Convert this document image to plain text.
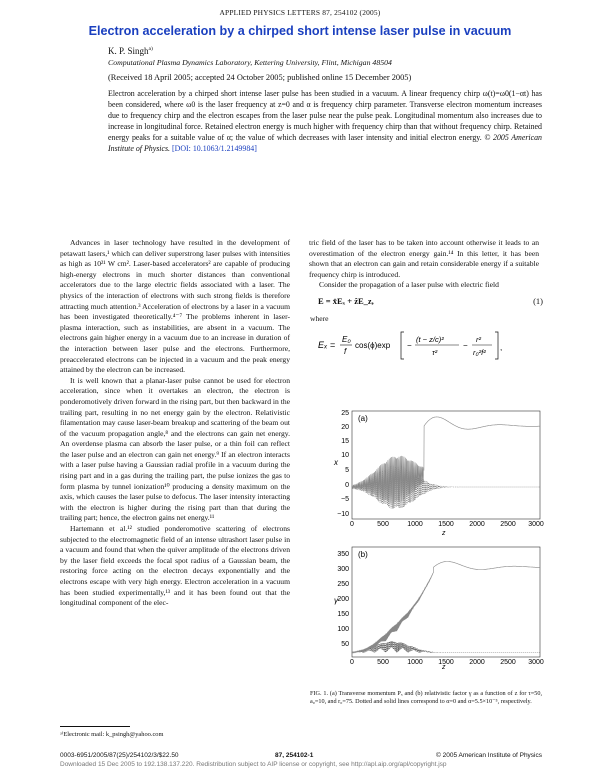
APPLIED PHYSICS LETTERS 87, 254102 (2005)
Electron acceleration by a chirped short intense laser pulse in vacuum
K. P. Singh$^{a)}$
Computational Plasma Dynamics Laboratory, Kettering University, Flint, Michigan 48504
(Received 18 April 2005; accepted 24 October 2005; published online 15 December 2005)

Electron acceleration by a chirped short intense laser pulse has been studied in a vacuum. A linear frequency chirp ω(t)=ω0(1−αt) has been considered, where ω0 is the laser frequency at z=0 and α is frequency chirp parameter. Transverse electron momentum increases due to frequency chirp and the electron escapes from the laser pulse near the pulse peak. Longitudinal momentum also increases due to increase in longitudinal force. Retained electron energy is much higher with frequency chirp than that without frequency chirp. Retained energy peaks for a suitable value of α; the value of which decreases with laser intensity and initial electron energy. © 2005 American Institute of Physics. [DOI: 10.1063/1.2149984]

Advances in laser technology have resulted in the development of petawatt lasers,¹ which can deliver superstrong laser pulses with intensities as high as 10²¹ W cm². Laser-based accelerators² are capable of producing high-energy electrons in much shorter distances than conventional accelerators due to the large electric fields associated with a laser. The physics of the interaction of electrons with such strong fields is therefore attracting much attention.³ Acceleration of electrons by a laser in a vacuum has been investigated theoretically.⁴⁻⁷ The problems inherent in laser-plasma interaction, such as instabilities, are absent in a vacuum. The electrons gain higher energy in a vacuum due to an increase in duration of the interaction between laser pulse and the electrons. Furthermore, preaccelerated electrons can be injected in a vacuum and the peak energy attained by the electron can be increased.

It is well known that a planar-laser pulse cannot be used for electron acceleration, since when it overtakes an electron, the electron is ponderomotively driven forward in the rising part, but then backward in the trailing part, resulting in no net energy gain by the electron. Relativistic filamentation may cause laser-beam breakup and scattering of the beam out of the vacuum propagation angle,⁸ and the electrons can gain net energy. An overdense plasma can absorb the laser pulse, or a thin foil can reflect the laser pulse and an electron can gain net energy.⁹ If an electron interacts with a laser pulse having a Gaussian radial profile in a vacuum during the rising part and in a gas during the trailing part, the pulse ionizes the gas to form plasma by tunnel ionization¹⁰ producing a density maximum on the axis, which causes the laser pulse to defocus. The laser intensity interacting with the electron is higher during the rising part than that during the trailing part; hence, the electron gains net energy.¹¹

Hartemann et al.¹² studied ponderomotive scattering of electrons subjected to the electromagnetic field of an intense ultrashort laser pulse in a vacuum and found that when the quiver amplitude of the electrons driven by the laser field exceeds the focal spot radius of a Gaussian beam, the restoring force acting on the electron decays exponentially and the electrons escape with very high energy. Electron acceleration in a vacuum has been studied experimentally,¹³ and it has been found out that the longitudinal component of the elec-

tric field of the laser has to be taken into account otherwise it leads to an overestimation of the electron energy gain.¹⁴ In this letter, it has been shown that an electron can gain and retain considerable energy if a suitable frequency chirp is introduced.

Consider the propagation of a laser pulse with electric field

E = x̂Eₓ + ẑE_z,	(1)
where
Eₓ =
E₀
f
cos(ϕ)exp −
(t − z/c)²
τ²
−
r²
r₀²f²
,
(a)
x
z
25
20
15
10
5
0
−5
−10
0	500	1000 1500 2000 2500 3000
(b)
γ
z
350
300
250
200
150
100
50
0	500	1000 1500 2000 2500 3000
FIG. 1. (a) Transverse momentum Pₓ and (b) relativistic factor γ as a function of z for τ=50, a₀=10, and r₀=75. Dotted and solid lines correspond to α=0 and α=5.5×10⁻⁵, respectively.
ᵃ⁾Electronic mail: k_psingh@yahoo.com
0003-6951/2005/87(25)/254102/3/$22.50	87, 254102-1	© 2005 American Institute of Physics
Downloaded 15 Dec 2005 to 192.138.137.220. Redistribution subject to AIP license or copyright, see http://apl.aip.org/apl/copyright.jsp
